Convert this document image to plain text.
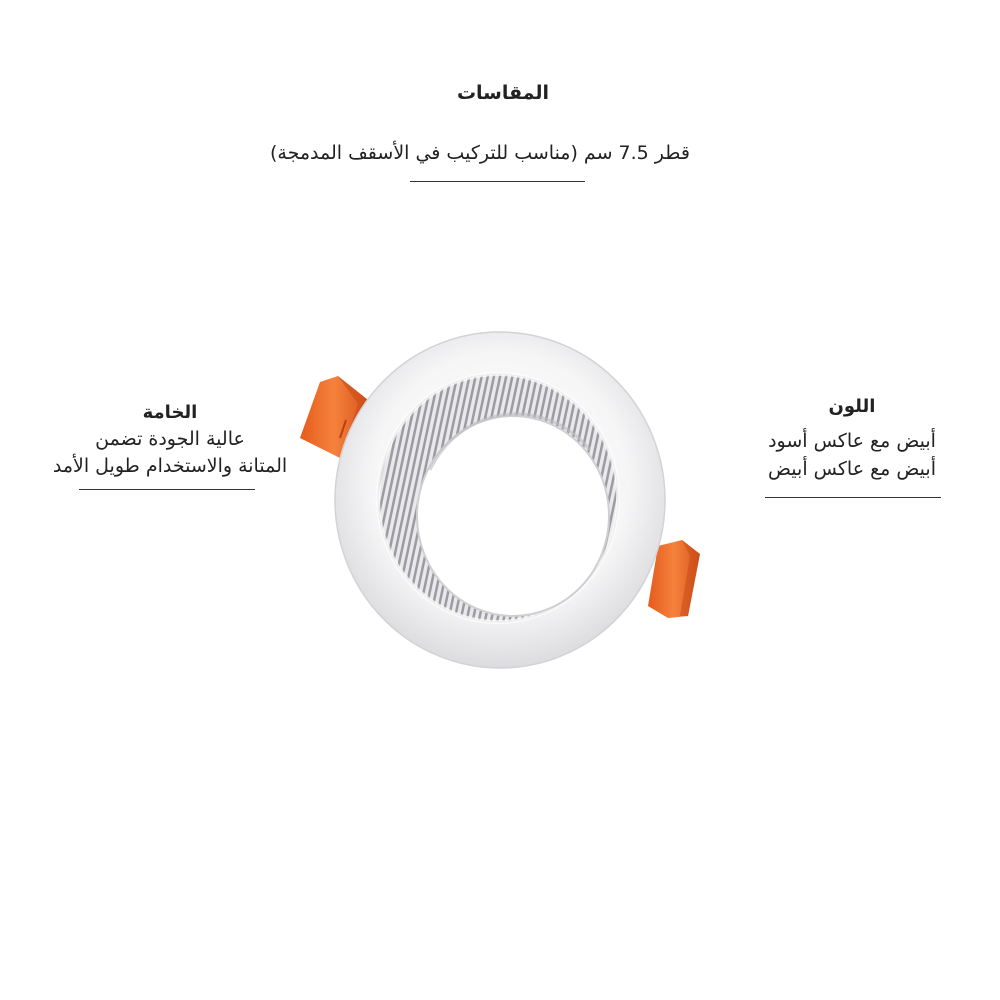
المقاسات
قطر 7.5 سم (مناسب للتركيب في الأسقف المدمجة)
الخامة
عالية الجودة تضمن
المتانة والاستخدام طويل الأمد
اللون
أبيض مع عاكس أسود
أبيض مع عاكس أبيض
